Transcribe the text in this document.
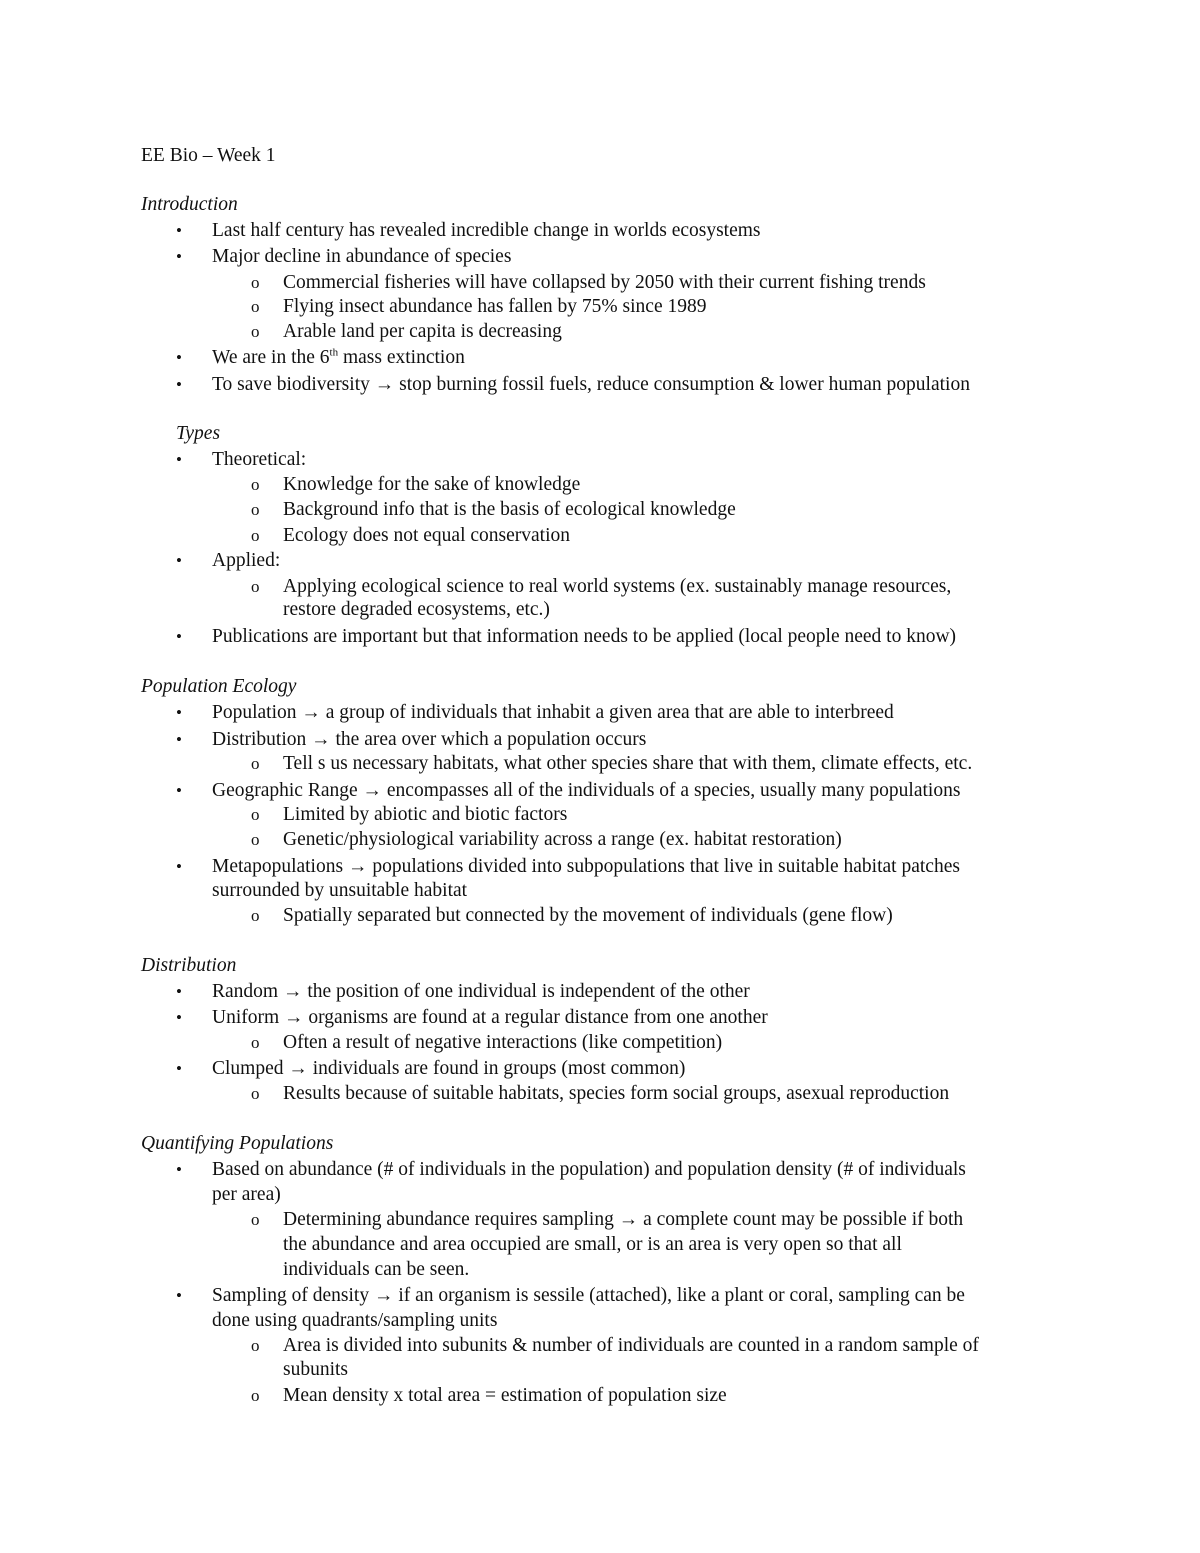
EE Bio – Week 1
Introduction
• Last half century has revealed incredible change in worlds ecosystems
• Major decline in abundance of species
o Commercial fisheries will have collapsed by 2050 with their current fishing trends
o Flying insect abundance has fallen by 75% since 1989
o Arable land per capita is decreasing
• We are in the 6th mass extinction
• To save biodiversity → stop burning fossil fuels, reduce consumption & lower human population
Types
• Theoretical:
o Knowledge for the sake of knowledge
o Background info that is the basis of ecological knowledge
o Ecology does not equal conservation
• Applied:
o Applying ecological science to real world systems (ex. sustainably manage resources,
restore degraded ecosystems, etc.)
• Publications are important but that information needs to be applied (local people need to know)
Population Ecology
• Population → a group of individuals that inhabit a given area that are able to interbreed
• Distribution → the area over which a population occurs
o Tell s us necessary habitats, what other species share that with them, climate effects, etc.
• Geographic Range → encompasses all of the individuals of a species, usually many populations
o Limited by abiotic and biotic factors
o Genetic/physiological variability across a range (ex. habitat restoration)
• Metapopulations → populations divided into subpopulations that live in suitable habitat patches
surrounded by unsuitable habitat
o Spatially separated but connected by the movement of individuals (gene flow)
Distribution
• Random → the position of one individual is independent of the other
• Uniform → organisms are found at a regular distance from one another
o Often a result of negative interactions (like competition)
• Clumped → individuals are found in groups (most common)
o Results because of suitable habitats, species form social groups, asexual reproduction
Quantifying Populations
• Based on abundance (# of individuals in the population) and population density (# of individuals
per area)
o Determining abundance requires sampling → a complete count may be possible if both
the abundance and area occupied are small, or is an area is very open so that all
individuals can be seen.
• Sampling of density → if an organism is sessile (attached), like a plant or coral, sampling can be
done using quadrants/sampling units
o Area is divided into subunits & number of individuals are counted in a random sample of
subunits
o Mean density x total area = estimation of population size
